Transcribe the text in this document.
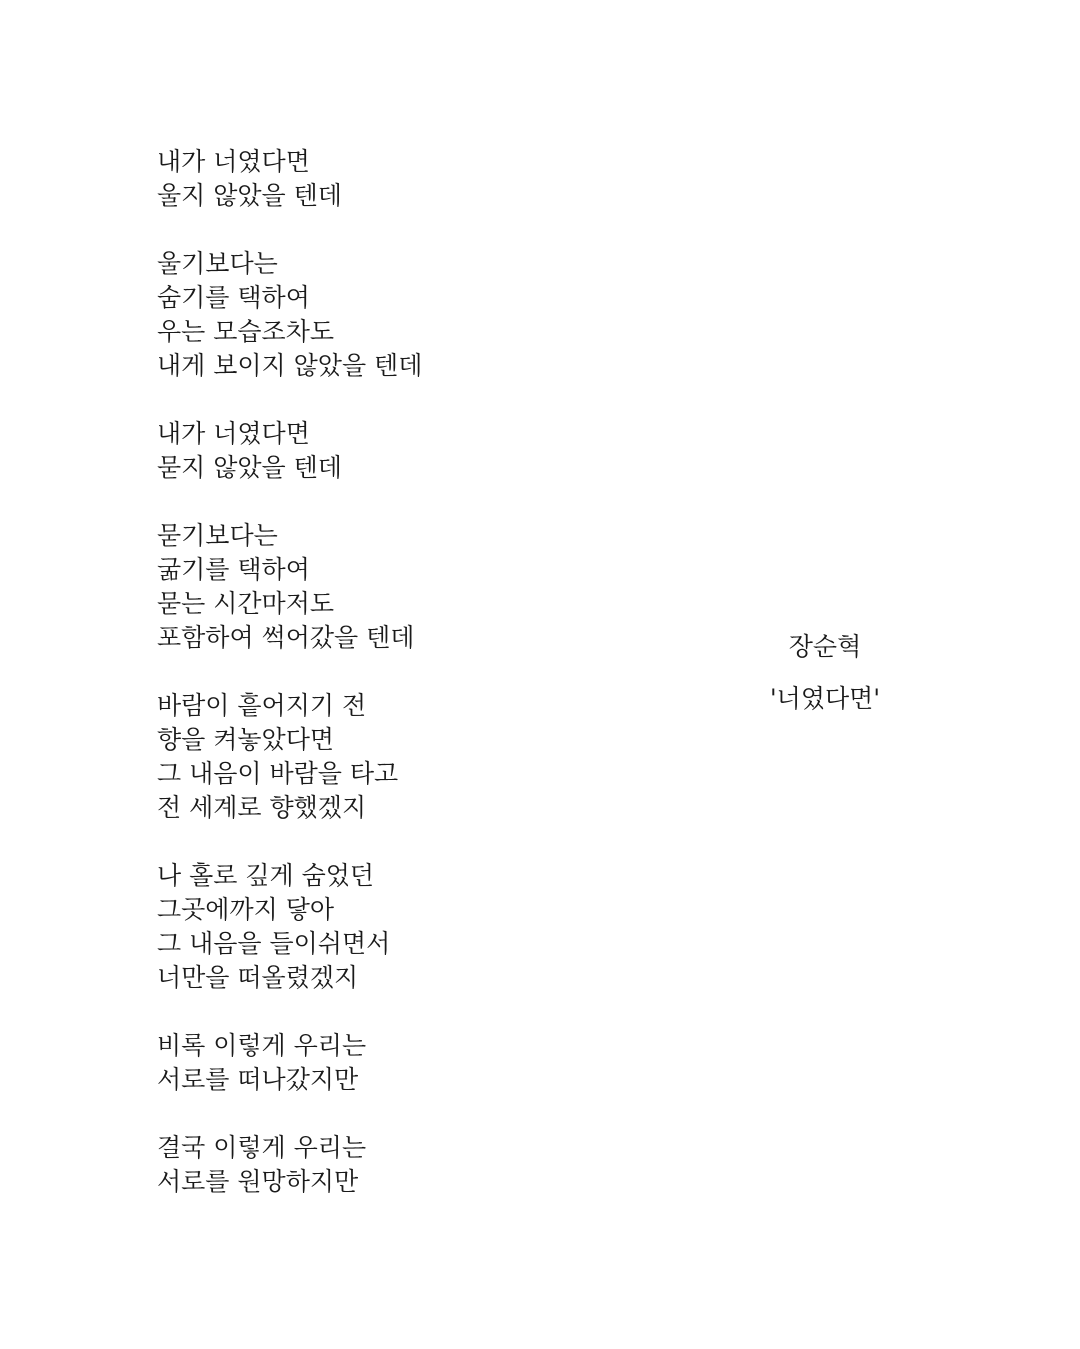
내가 너였다면
울지 않았을 텐데
울기보다는
숨기를 택하여
우는 모습조차도
내게 보이지 않았을 텐데
내가 너였다면
묻지 않았을 텐데
묻기보다는
굶기를 택하여
묻는 시간마저도
포함하여 썩어갔을 텐데
바람이 흩어지기 전
향을 켜놓았다면
그 내음이 바람을 타고
전 세계로 향했겠지
나 홀로 깊게 숨었던
그곳에까지 닿아
그 내음을 들이쉬면서
너만을 떠올렸겠지
비록 이렇게 우리는
서로를 떠나갔지만
결국 이렇게 우리는
서로를 원망하지만
장순혁
'너였다면'
